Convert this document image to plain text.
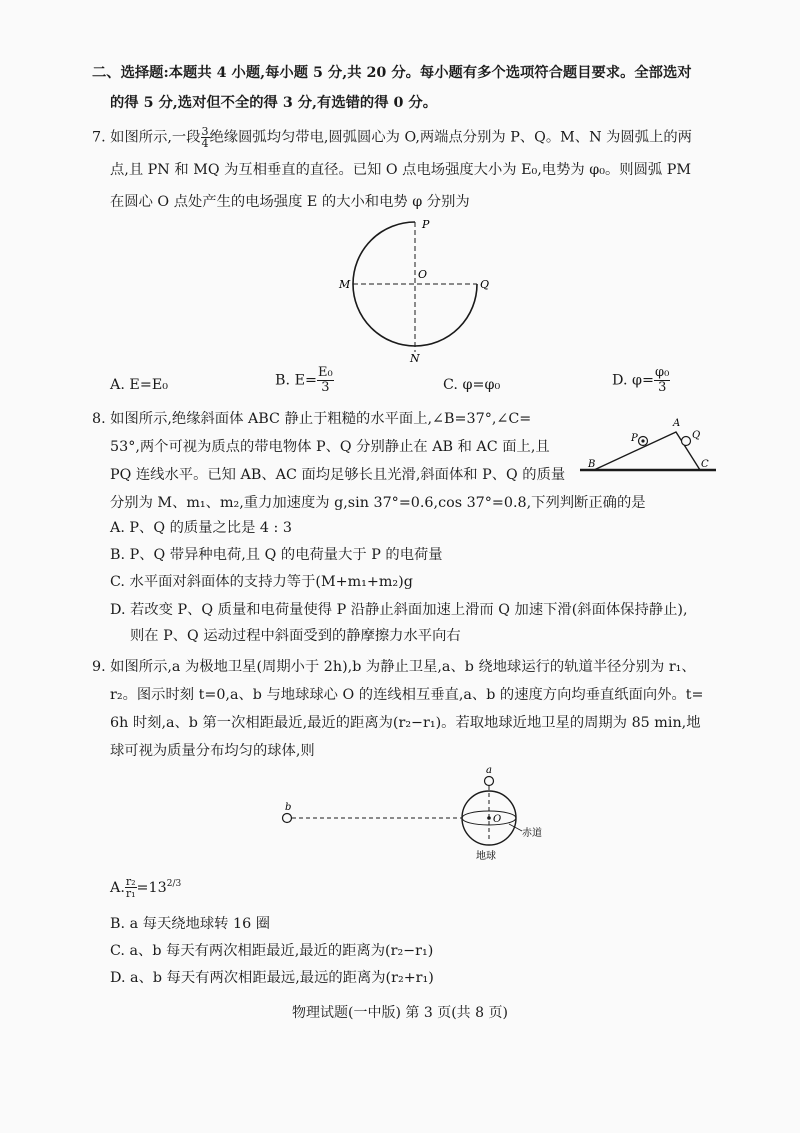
二、选择题:本题共 4 小题,每小题 5 分,共 20 分。每小题有多个选项符合题目要求。全部选对
的得 5 分,选对但不全的得 3 分,有选错的得 0 分。
7. 如图所示,一段 $\frac{3}{4}$ 绝缘圆弧均匀带电,圆弧圆心为 O,两端点分别为 P、Q。M、N 为圆弧上的两
点,且 PN 和 MQ 为互相垂直的直径。已知 O 点电场强度大小为 E₀,电势为 φ₀。则圆弧 PM
在圆心 O 点处产生的电场强度 E 的大小和电势 φ 分别为
P
Q
M
N
O
A. E=E₀	B. $E= \frac{\text{E₀}}{3}$	C. φ=φ₀	D. $\varphi= \frac{\text{φ₀}}{3}$
8. 如图所示,绝缘斜面体 ABC 静止于粗糙的水平面上,∠B=37°,∠C=
53°,两个可视为质点的带电物体 P、Q 分别静止在 AB 和 AC 面上,且
PQ 连线水平。已知 AB、AC 面均足够长且光滑,斜面体和 P、Q 的质量
分别为 M、m₁、m₂,重力加速度为 g,sin 37°=0.6,cos 37°=0.8,下列判断正确的是
A
B	C
P	Q
A. P、Q 的质量之比是 4 : 3
B. P、Q 带异种电荷,且 Q 的电荷量大于 P 的电荷量
C. 水平面对斜面体的支持力等于(M+m₁+m₂)g
D. 若改变 P、Q 质量和电荷量使得 P 沿静止斜面加速上滑而 Q 加速下滑(斜面体保持静止),
则在 P、Q 运动过程中斜面受到的静摩擦力水平向右
9. 如图所示,a 为极地卫星(周期小于 2h),b 为静止卫星,a、b 绕地球运行的轨道半径分别为 r₁、
r₂。图示时刻 t=0,a、b 与地球球心 O 的连线相互垂直,a、b 的速度方向均垂直纸面向外。t=
6h 时刻,a、b 第一次相距最近,最近的距离为(r₂−r₁)。若取地球近地卫星的周期为 85 min,地
球可视为质量分布均匀的球体,则
a
b
O
赤道
地球
A. $\frac{\text{r₂}}{\text{r₁}} =13^{2/3}$
B. a 每天绕地球转 16 圈
C. a、b 每天有两次相距最近,最近的距离为(r₂−r₁)
D. a、b 每天有两次相距最远,最远的距离为(r₂+r₁)
物理试题(一中版) 第 3 页(共 8 页)
